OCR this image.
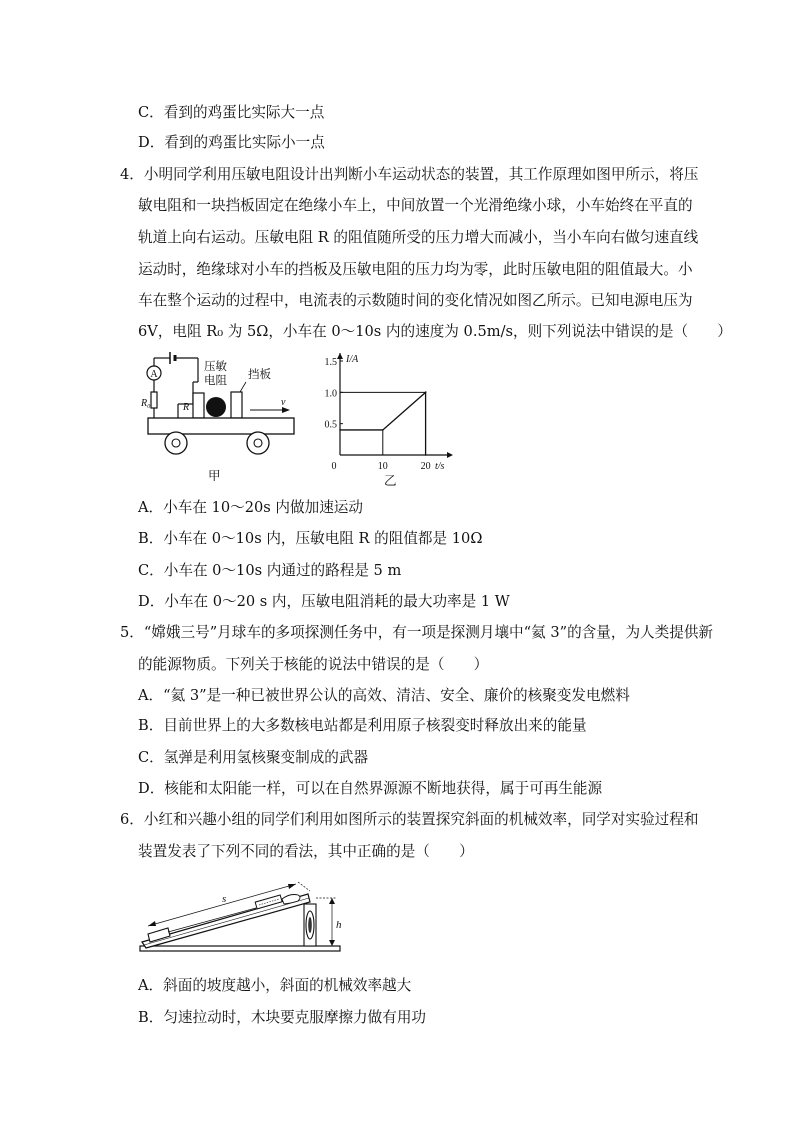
C．看到的鸡蛋比实际大一点
D．看到的鸡蛋比实际小一点
4．小明同学利用压敏电阻设计出判断小车运动状态的装置，其工作原理如图甲所示，将压
敏电阻和一块挡板固定在绝缘小车上，中间放置一个光滑绝缘小球，小车始终在平直的
轨道上向右运动。压敏电阻 R 的阻值随所受的压力增大而减小，当小车向右做匀速直线
运动时，绝缘球对小车的挡板及压敏电阻的压力均为零，此时压敏电阻的阻值最大。小
车在整个运动的过程中，电流表的示数随时间的变化情况如图乙所示。已知电源电压为
6V，电阻 R₀ 为 5Ω，小车在 0～10s 内的速度为 0.5m/s，则下列说法中错误的是（　　）
A
R₀
压敏
电阻 挡板
R	v
甲
I/A
t/s
1.5
1.0
0.5
0	10	20
乙
A．小车在 10～20s 内做加速运动
B．小车在 0～10s 内，压敏电阻 R 的阻值都是 10Ω
C．小车在 0～10s 内通过的路程是 5 m
D．小车在 0～20 s 内，压敏电阻消耗的最大功率是 1 W
5．“嫦娥三号”月球车的多项探测任务中，有一项是探测月壤中“氦 3”的含量，为人类提供新
的能源物质。下列关于核能的说法中错误的是（　　）
A．“氦 3”是一种已被世界公认的高效、清洁、安全、廉价的核聚变发电燃料
B．目前世界上的大多数核电站都是利用原子核裂变时释放出来的能量
C．氢弹是利用氢核聚变制成的武器
D．核能和太阳能一样，可以在自然界源源不断地获得，属于可再生能源
6．小红和兴趣小组的同学们利用如图所示的装置探究斜面的机械效率，同学对实验过程和
装置发表了下列不同的看法，其中正确的是（　　）
s
h
A．斜面的坡度越小，斜面的机械效率越大
B．匀速拉动时，木块要克服摩擦力做有用功
